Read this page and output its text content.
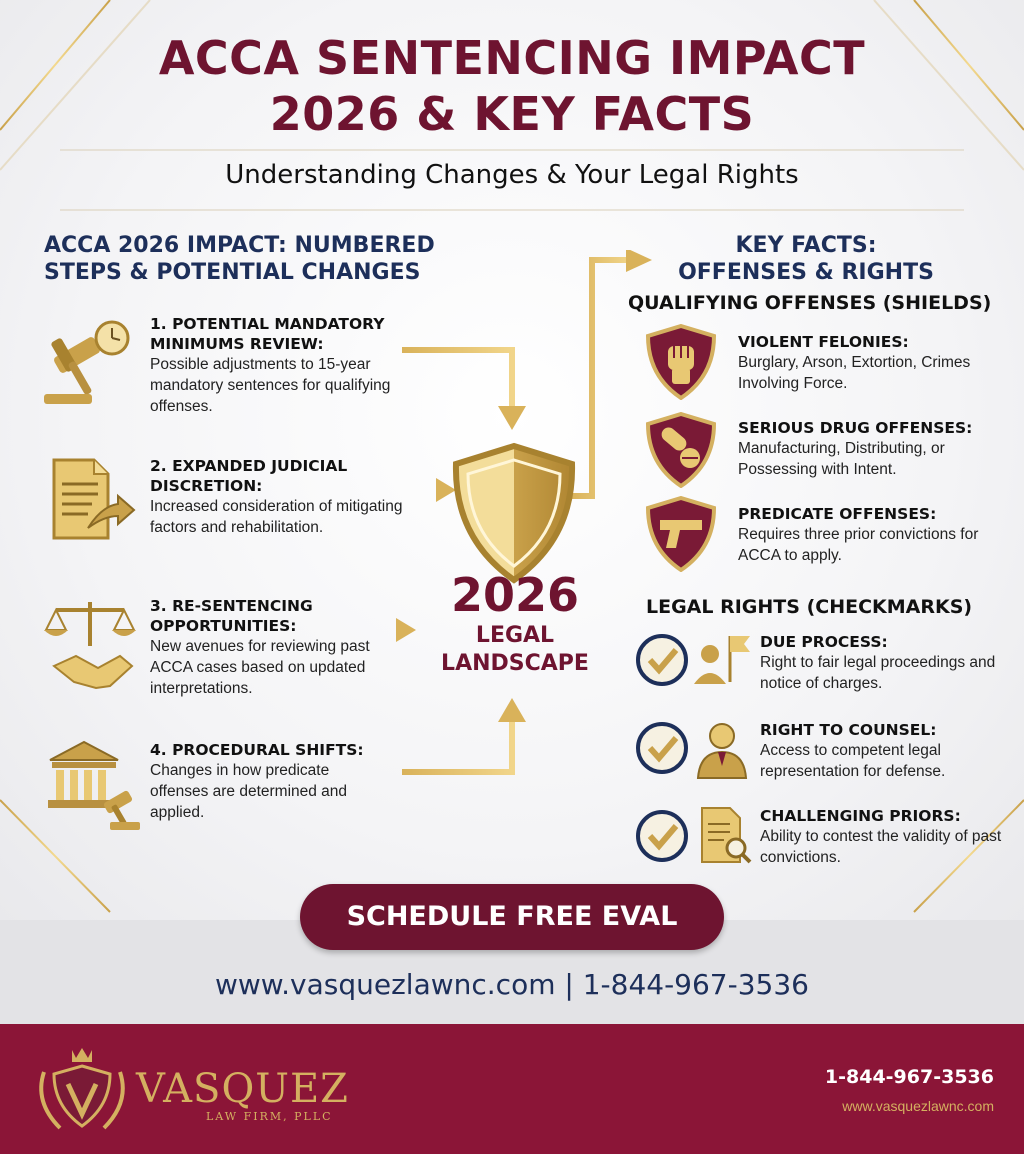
ACCA SENTENCING IMPACT
2026 & KEY FACTS
Understanding Changes & Your Legal Rights
ACCA 2026 IMPACT: NUMBERED
STEPS & POTENTIAL CHANGES
1. POTENTIAL MANDATORY
MINIMUMS REVIEW:
Possible adjustments to 15-year mandatory sentences for qualifying offenses.
2. EXPANDED JUDICIAL
DISCRETION:
Increased consideration of mitigating factors and rehabilitation.
3. RE-SENTENCING
OPPORTUNITIES:
New avenues for reviewing past ACCA cases based on updated interpretations.
4. PROCEDURAL SHIFTS:
Changes in how predicate offenses are determined and applied.
2026
LEGAL
LANDSCAPE
KEY FACTS:
OFFENSES & RIGHTS
QUALIFYING OFFENSES (SHIELDS)
VIOLENT FELONIES:
Burglary, Arson, Extortion, Crimes Involving Force.
SERIOUS DRUG OFFENSES:
Manufacturing, Distributing, or Possessing with Intent.
PREDICATE OFFENSES:
Requires three prior convictions for ACCA to apply.
LEGAL RIGHTS (CHECKMARKS)
DUE PROCESS:
Right to fair legal proceedings and notice of charges.
RIGHT TO COUNSEL:
Access to competent legal representation for defense.
CHALLENGING PRIORS:
Ability to contest the validity of past convictions.
SCHEDULE FREE EVAL
www.vasquezlawnc.com | 1-844-967-3536
VASQUEZ
LAW FIRM, PLLC
1-844-967-3536
www.vasquezlawnc.com
